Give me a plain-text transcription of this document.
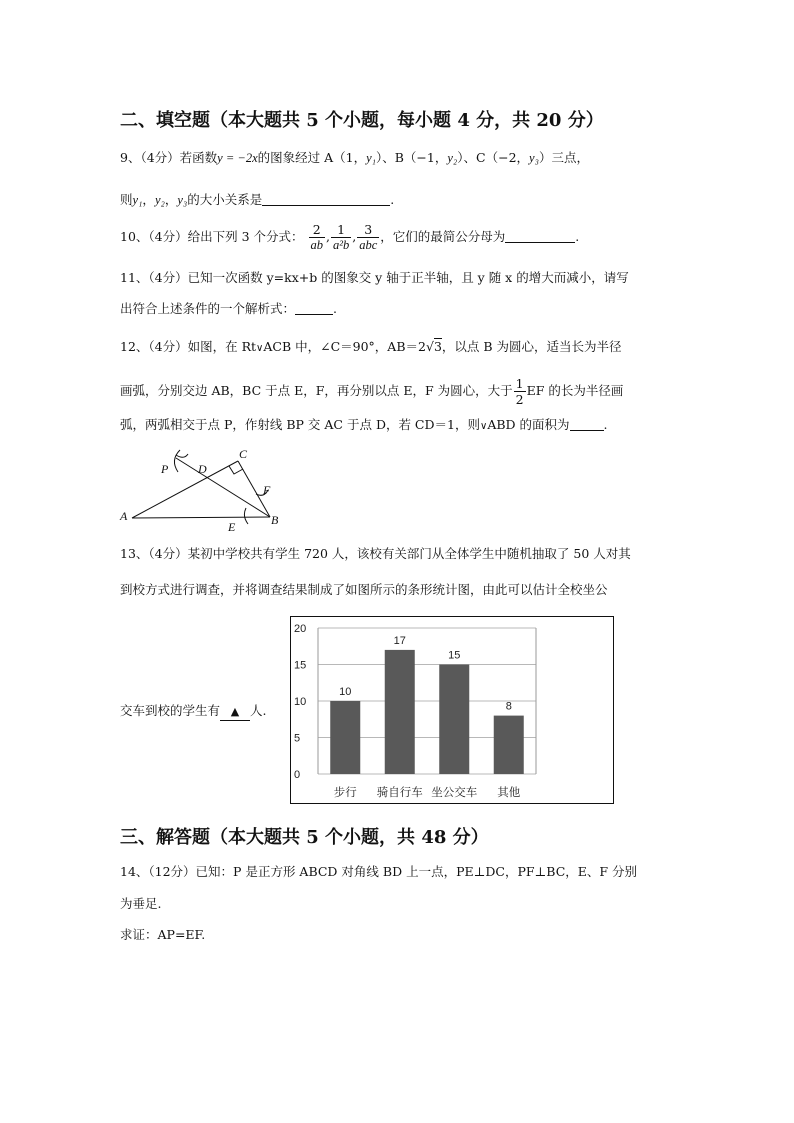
二、填空题（本大题共 5 个小题，每小题 4 分，共 20 分）
9、（4分）若函数y = −2x的图象经过 A（1，y₁）、B（−1，y₂）、C（−2，y₃）三点，
则y₁，y₂，y₃的大小关系是	.
10、（4分）给出下列 3 个分式： $\frac{2}{ab}$ , $\frac{1}{\text{a²b}}$ , $\frac{3}{\text{abc}}$ ，它们的最简公分母为	.
11、（4分）已知一次函数 y=kx+b 的图象交 y 轴于正半轴，且 y 随 x 的增大而减小，请写
出符合上述条件的一个解析式：	.
12、（4分）如图，在 Rt∨ACB 中，∠C＝90°，AB＝2√3，以点 B 为圆心，适当长为半径
画弧，分别交边 AB，BC 于点 E，F，再分别以点 E，F 为圆心，大于 $\frac{1}{2}$ EF 的长为半径画
弧，两弧相交于点 P，作射线 BP 交 AC 于点 D，若 CD＝1，则∨ABD 的面积为	.
A	B
C
D
E
F
P
13、（4分）某初中学校共有学生 720 人，该校有关部门从全体学生中随机抽取了 50 人对其
到校方式进行调查，并将调查结果制成了如图所示的条形统计图，由此可以估计全校坐公
交车到校的学生有 ▲ 人.
0
5
10
15
20
10
步行
17
骑自行车
15
坐公交车
8
其他
三、解答题（本大题共 5 个小题，共 48 分）
14、（12分）已知：P 是正方形 ABCD 对角线 BD 上一点，PE⊥DC，PF⊥BC，E、F 分别
为垂足.
求证：AP=EF.
